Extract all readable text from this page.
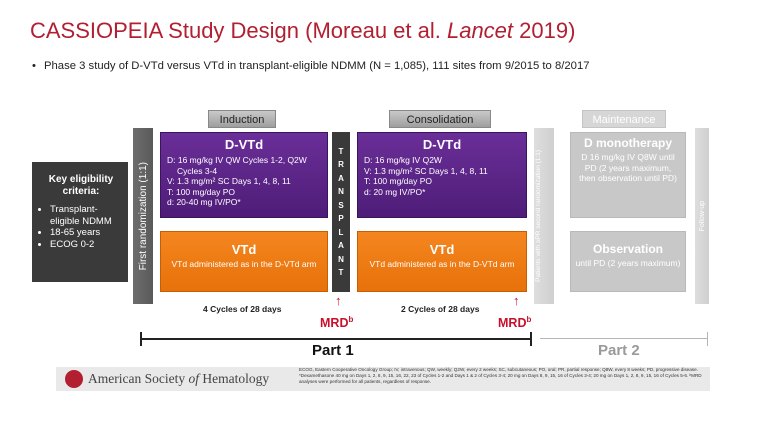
CASSIOPEIA Study Design (Moreau et al. Lancet 2019)
• Phase 3 study of D-VTd versus VTd in transplant-eligible NDMM (N = 1,085), 111 sites from 9/2015 to 8/2017
Induction	Consolidation	Maintenance
Key eligibility criteria:
• Transplant-eligible NDMM
• 18-65 years
• ECOG 0-2	First randomization (1:1)
D-VTd
D: 16 mg/kg IV QW Cycles 1-2, Q2W
Cycles 3-4
V: 1.3 mg/m² SC Days 1, 4, 8, 11
T: 100 mg/day PO
d: 20-40 mg IV/PO*
VTd
VTd administered as in the D-VTd arm
T
R
A
N
S
P
L
A
N
T
D-VTd
D: 16 mg/kg IV Q2W
V: 1.3 mg/m² SC Days 1, 4, 8, 11
T: 100 mg/day PO
d: 20 mg IV/PO*
VTd
VTd administered as in the D-VTd arm	Patients with ≥PR second randomization (1:1)
D monotherapy
D 16 mg/kg IV Q8W until PD (2 years maximum, then observation until PD)
Observation
until PD (2 years maximum)
Follow-up
4 Cycles of 28 days	2 Cycles of 28 days
↑
MRD$^b$
↑
MRD$^b$
Part 1	Part 2
American Society of Hematology
ECOG, Eastern Cooperative Oncology Group; IV, intravenous; QW, weekly; Q2W, every 2 weeks; SC, subcutaneous; PO, oral; PR, partial response; Q8W, every 8 weeks; PD, progressive disease.
*Dexamethasone 40 mg on Days 1, 2, 8, 9, 15, 16, 22, 23 of Cycles 1-2 and Days 1 & 2 of Cycles 3-4; 20 mg on Days 8, 9, 15, 16 of Cycles 3-4; 20 mg on Days 1, 2, 8, 9, 15, 16 of Cycles 5-6. ᵇMRD analyses were performed for all patients, regardless of response.
